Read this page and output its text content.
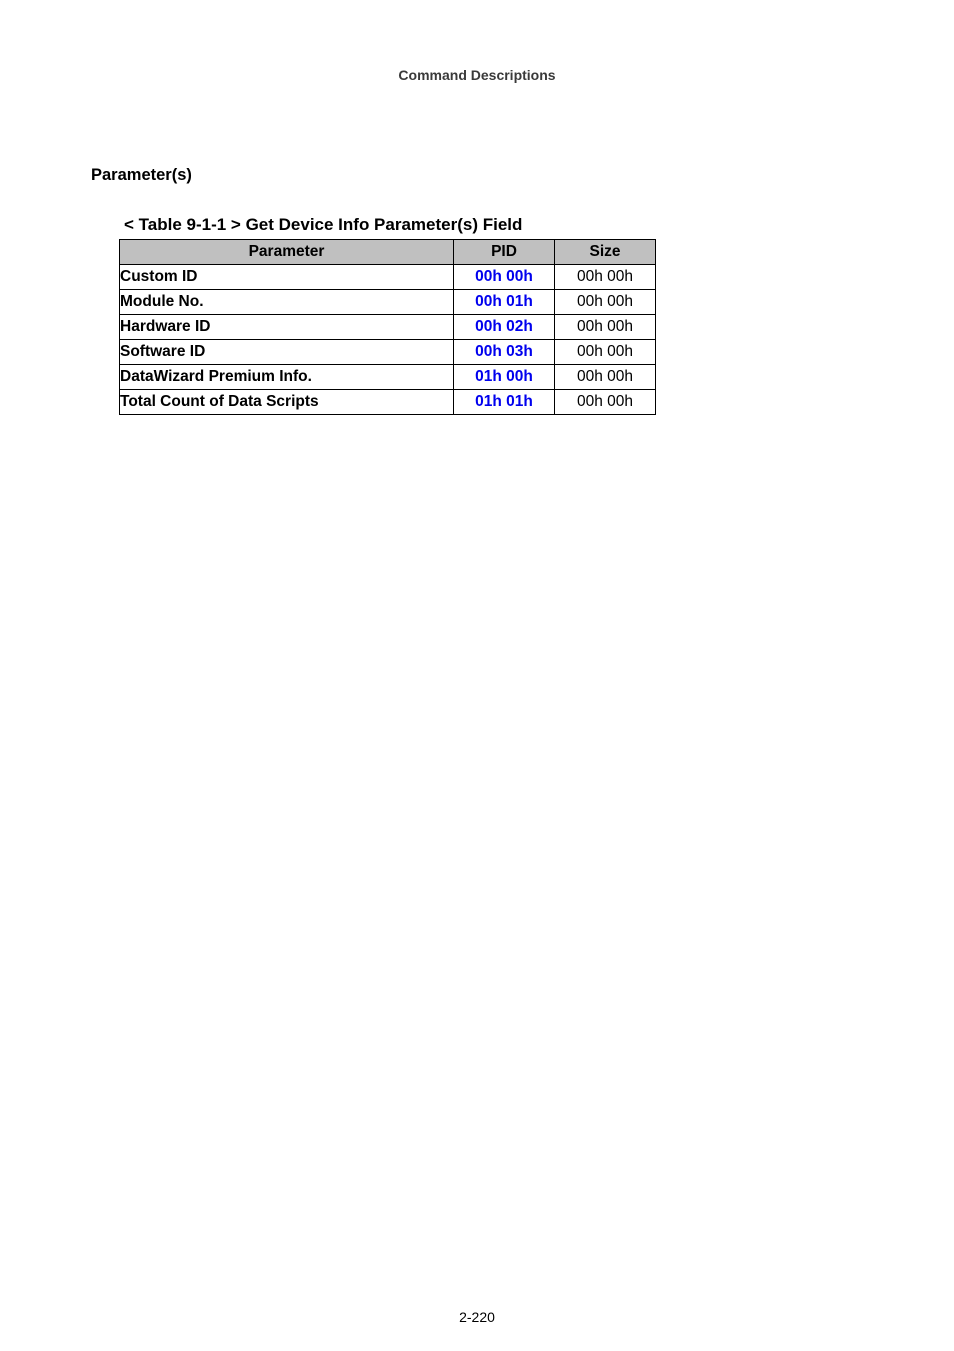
Command Descriptions
Parameter(s)
< Table 9-1-1 > Get Device Info Parameter(s) Field
Parameter	PID	Size
Custom ID	00h 00h	00h 00h
Module No.	00h 01h	00h 00h
Hardware ID	00h 02h	00h 00h
Software ID	00h 03h	00h 00h
DataWizard Premium Info.	01h 00h	00h 00h
Total Count of Data Scripts	01h 01h	00h 00h
2-220
